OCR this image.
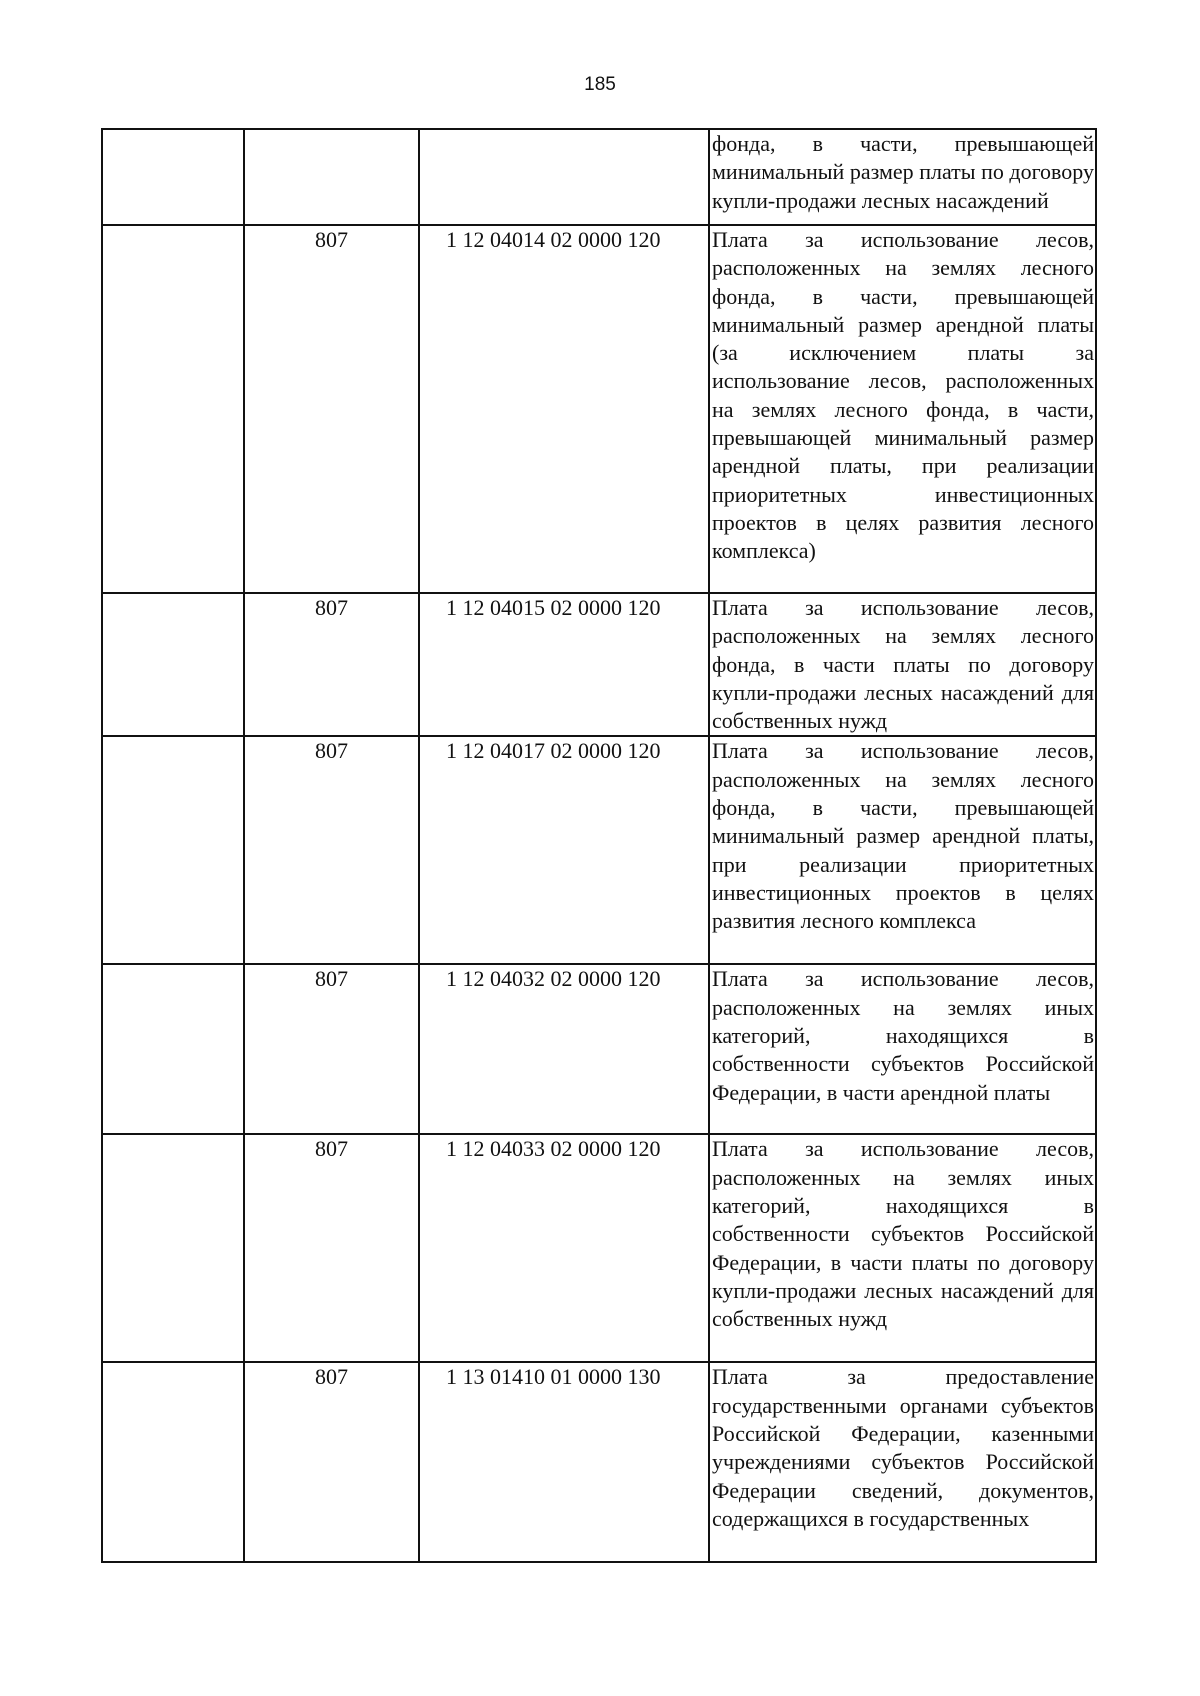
185

			фонда, в части, превышающей минимальный размер платы по договору купли-продажи лесных насаждений

	807	1 12 04014 02 0000 120	Плата за использование лесов, расположенных на землях лесного фонда, в части, превышающей минимальный размер арендной платы (за исключением платы за использование лесов, расположенных на землях лесного фонда, в части, превышающей минимальный размер арендной платы, при реализации приоритетных инвестиционных проектов в целях развития лесного комплекса)

	807	1 12 04015 02 0000 120	Плата за использование лесов, расположенных на землях лесного фонда, в части платы по договору купли-продажи лесных насаждений для собственных нужд

	807	1 12 04017 02 0000 120	Плата за использование лесов, расположенных на землях лесного фонда, в части, превышающей минимальный размер арендной платы, при реализации приоритетных инвестиционных проектов в целях развития лесного комплекса

	807	1 12 04032 02 0000 120	Плата за использование лесов, расположенных на землях иных категорий, находящихся в собственности субъектов Российской Федерации, в части арендной платы

	807	1 12 04033 02 0000 120	Плата за использование лесов, расположенных на землях иных категорий, находящихся в собственности субъектов Российской Федерации, в части платы по договору купли-продажи лесных насаждений для собственных нужд

	807	1 13 01410 01 0000 130	Плата за предоставление государственными органами субъектов Российской Федерации, казенными учреждениями субъектов Российской Федерации сведений, документов, содержащихся в государственных
